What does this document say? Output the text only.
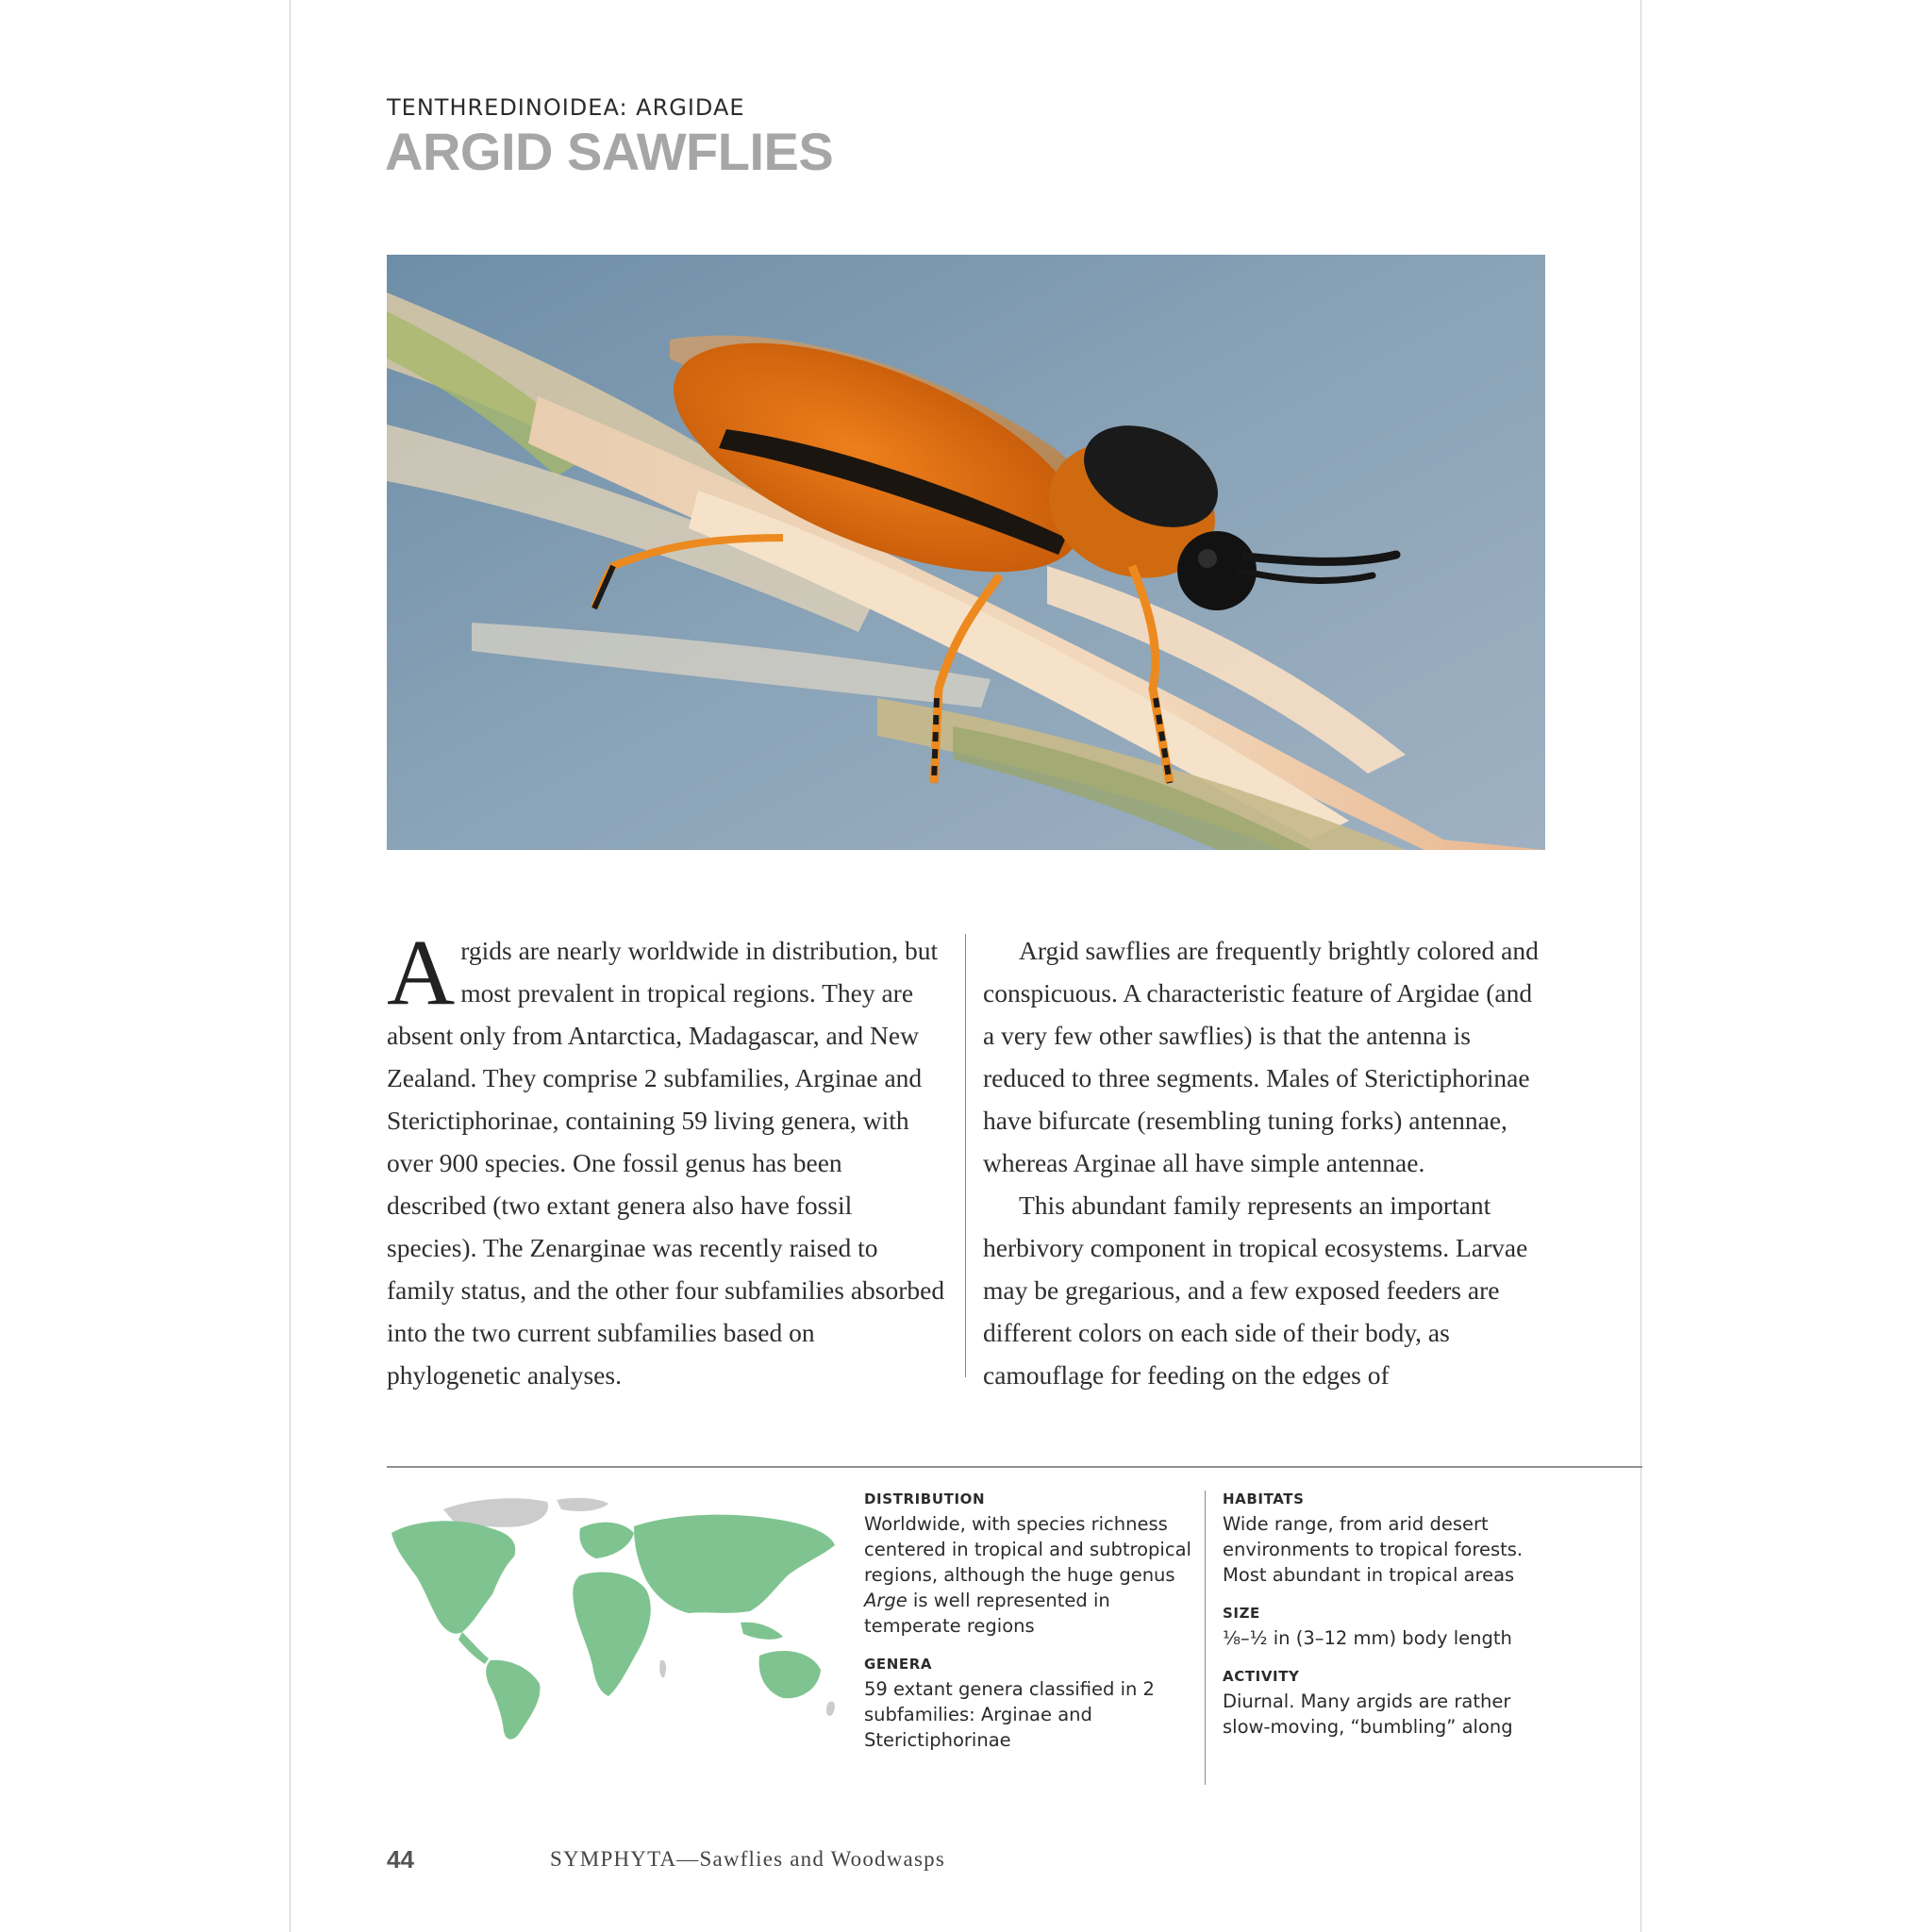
TENTHREDINOIDEA: ARGIDAE
ARGID SAWFLIES

Argids are nearly worldwide in distribution, but most prevalent in tropical regions. They are absent only from Antarctica, Madagascar, and New Zealand. They comprise 2 subfamilies, Arginae and Sterictiphorinae, containing 59 living genera, with over 900 species. One fossil genus has been described (two extant genera also have fossil species). The Zenarginae was recently raised to family status, and the other four subfamilies absorbed into the two current subfamilies based on phylogenetic analyses.

Argid sawflies are frequently brightly colored and conspicuous. A characteristic feature of Argidae (and a very few other sawflies) is that the antenna is reduced to three segments. Males of Sterictiphorinae have bifurcate (resembling tuning forks) antennae, whereas Arginae all have simple antennae.

This abundant family represents an important herbivory component in tropical ecosystems. Larvae may be gregarious, and a few exposed feeders are different colors on each side of their body, as camouflage for feeding on the edges of

DISTRIBUTION
Worldwide, with species richness centered in tropical and subtropical regions, although the huge genus Arge is well represented in temperate regions
GENERA
59 extant genera classified in 2 subfamilies: Arginae and Sterictiphorinae
HABITATS
Wide range, from arid desert environments to tropical forests. Most abundant in tropical areas
SIZE
¹⁄₈–½ in (3–12 mm) body length
ACTIVITY
Diurnal. Many argids are rather slow-moving, “bumbling” along
44	SYMPHYTA—Sawflies and Woodwasps
